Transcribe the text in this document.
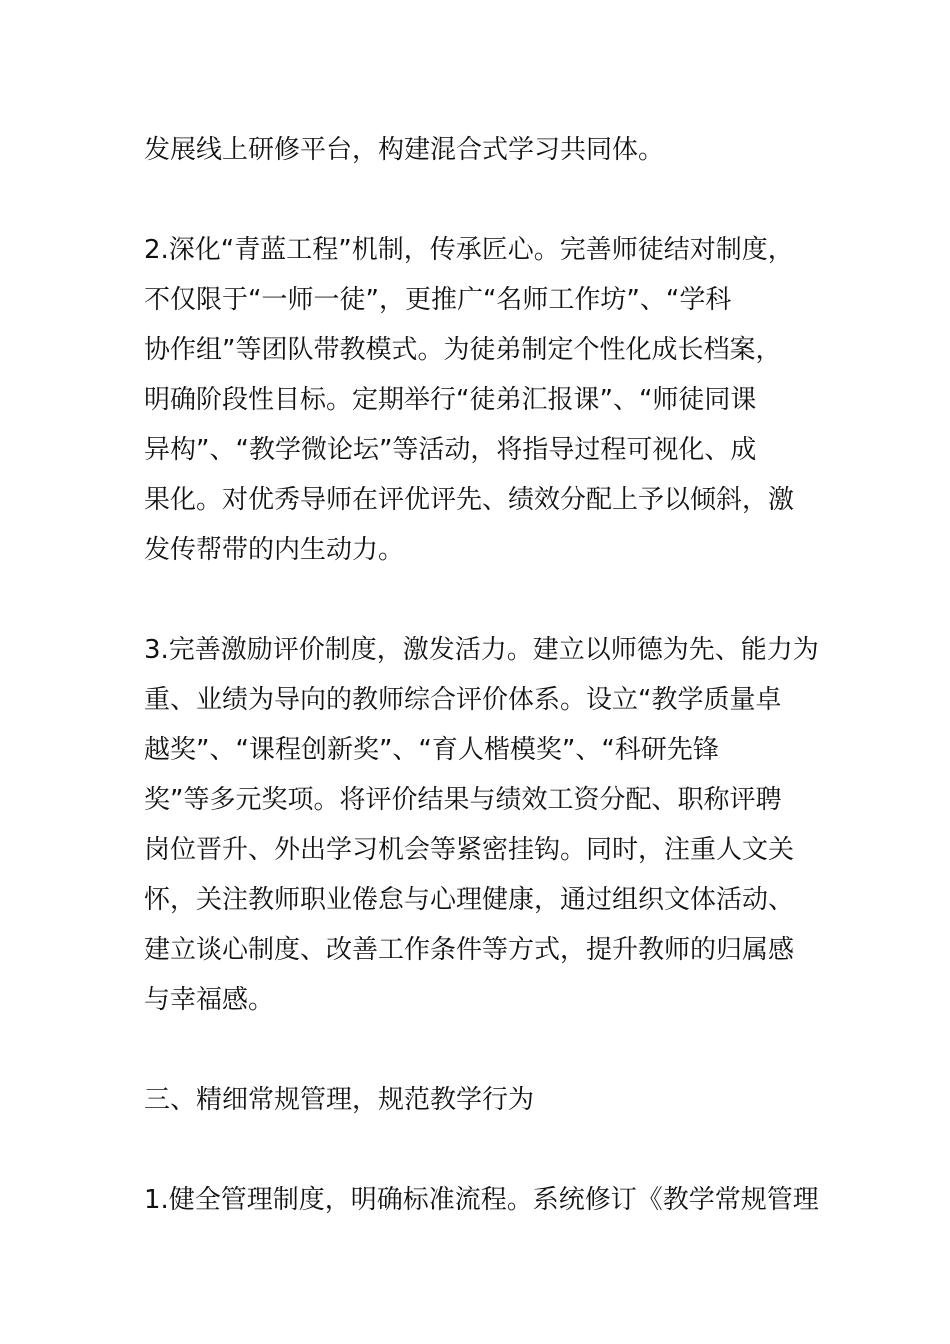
发展线上研修平台，构建混合式学习共同体。
2.深化“青蓝工程”机制，传承匠心。完善师徒结对制度，
不仅限于“一师一徒”，更推广“名师工作坊”、“学科
协作组”等团队带教模式。为徒弟制定个性化成长档案，
明确阶段性目标。定期举行“徒弟汇报课”、“师徒同课
异构”、“教学微论坛”等活动，将指导过程可视化、成
果化。对优秀导师在评优评先、绩效分配上予以倾斜，激
发传帮带的内生动力。
3.完善激励评价制度，激发活力。建立以师德为先、能力为
重、业绩为导向的教师综合评价体系。设立“教学质量卓
越奖”、“课程创新奖”、“育人楷模奖”、“科研先锋
奖”等多元奖项。将评价结果与绩效工资分配、职称评聘
岗位晋升、外出学习机会等紧密挂钩。同时，注重人文关
怀，关注教师职业倦怠与心理健康，通过组织文体活动、
建立谈心制度、改善工作条件等方式，提升教师的归属感
与幸福感。
三、精细常规管理，规范教学行为
1.健全管理制度，明确标准流程。系统修订《教学常规管理
